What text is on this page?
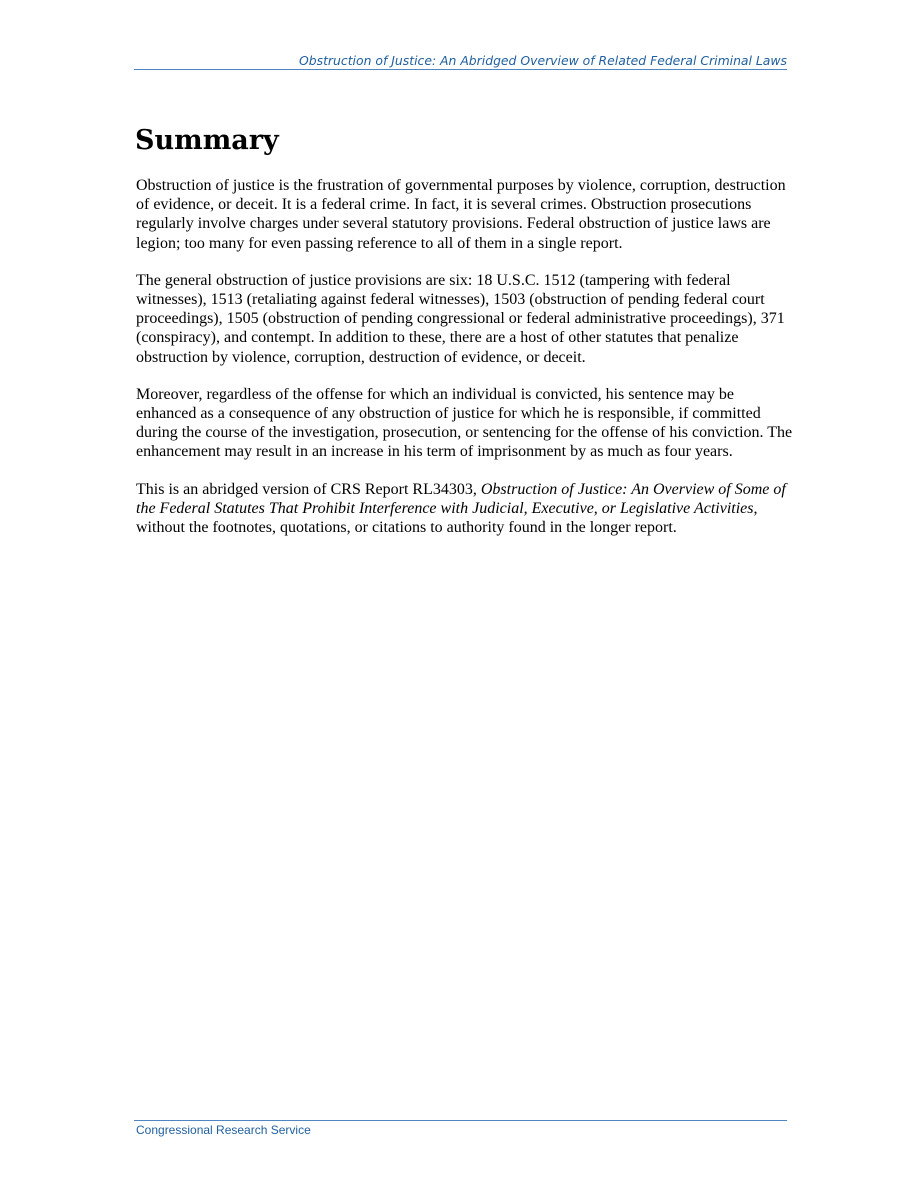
Obstruction of Justice: An Abridged Overview of Related Federal Criminal Laws
Summary

Obstruction of justice is the frustration of governmental purposes by violence, corruption, destruction of evidence, or deceit. It is a federal crime. In fact, it is several crimes. Obstruction prosecutions regularly involve charges under several statutory provisions. Federal obstruction of justice laws are legion; too many for even passing reference to all of them in a single report.

The general obstruction of justice provisions are six: 18 U.S.C. 1512 (tampering with federal witnesses), 1513 (retaliating against federal witnesses), 1503 (obstruction of pending federal court proceedings), 1505 (obstruction of pending congressional or federal administrative proceedings), 371 (conspiracy), and contempt. In addition to these, there are a host of other statutes that penalize obstruction by violence, corruption, destruction of evidence, or deceit.

Moreover, regardless of the offense for which an individual is convicted, his sentence may be enhanced as a consequence of any obstruction of justice for which he is responsible, if committed during the course of the investigation, prosecution, or sentencing for the offense of his conviction. The enhancement may result in an increase in his term of imprisonment by as much as four years.

This is an abridged version of CRS Report RL34303, Obstruction of Justice: An Overview of Some of the Federal Statutes That Prohibit Interference with Judicial, Executive, or Legislative Activities, without the footnotes, quotations, or citations to authority found in the longer report.

Congressional Research Service
